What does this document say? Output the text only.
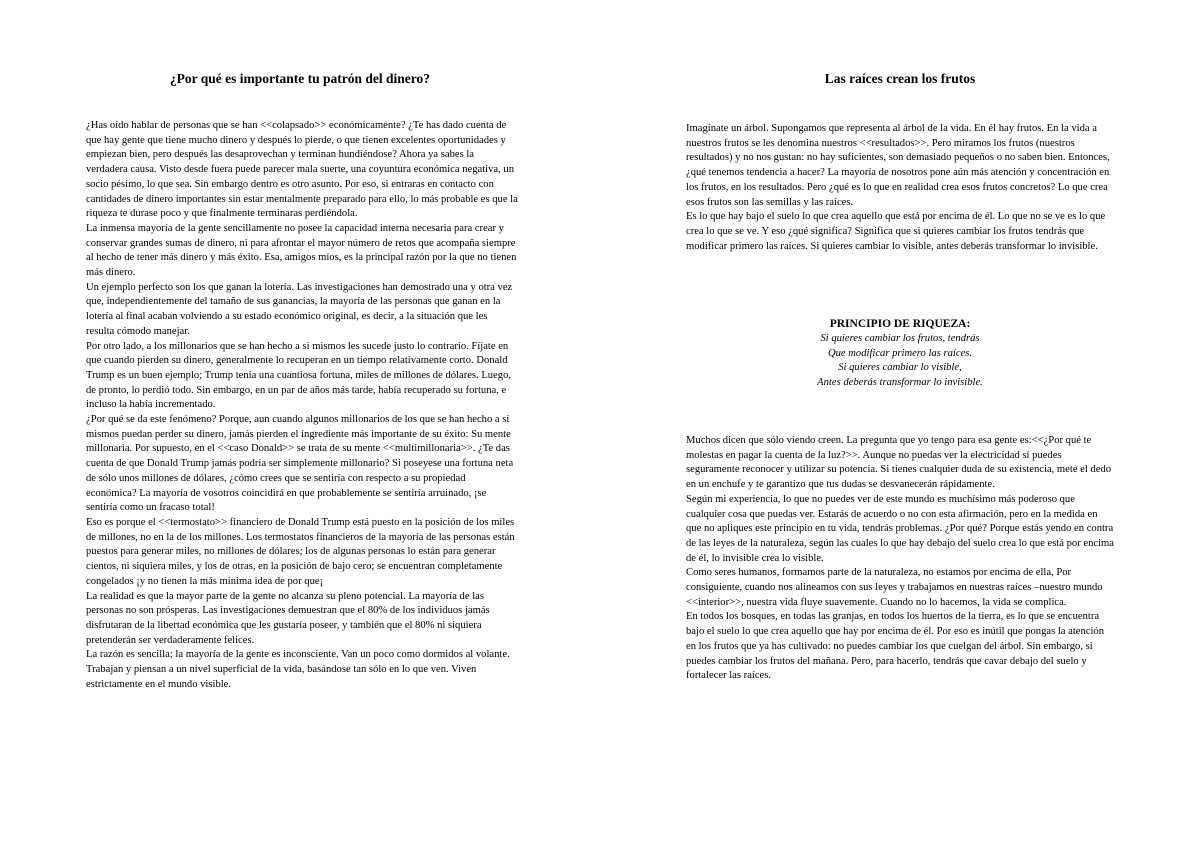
¿Por qué es importante tu patrón del dinero?

¿Has oído hablar de personas que se han <<colapsado>> económicamente? ¿Te has dado cuenta de que hay gente que tiene mucho dinero y después lo pierde, o que tienen excelentes oportunidades y empiezan bien, pero después las desaprovechan y terminan hundiéndose? Ahora ya sabes la verdadera causa. Visto desde fuera puede parecer mala suerte, una coyuntura económica negativa, un socio pésimo, lo que sea. Sin embargo dentro es otro asunto. Por eso, si entraras en contacto con cantidades de dinero importantes sin estar mentalmente preparado para ello, lo más probable es que la riqueza te durase poco y que finalmente terminaras perdiéndola.

La inmensa mayoría de la gente sencillamente no posee la capacidad interna necesaria para crear y conservar grandes sumas de dinero, ni para afrontar el mayor número de retos que acompaña siempre al hecho de tener más dinero y más éxito. Esa, amigos míos, es la principal razón por la que no tienen más dinero.

Un ejemplo perfecto son los que ganan la lotería. Las investigaciones han demostrado una y otra vez que, independientemente del tamaño de sus ganancias, la mayoría de las personas que ganan en la lotería al final acaban volviendo a su estado económico original, es decir, a la situación que les resulta cómodo manejar.

Por otro lado, a los millonarios que se han hecho a sí mismos les sucede justo lo contrario. Fíjate en que cuando pierden su dinero, generalmente lo recuperan en un tiempo relativamente corto. Donald Trump es un buen ejemplo; Trump tenía una cuantiosa fortuna, miles de millones de dólares. Luego, de pronto, lo perdió todo. Sin embargo, en un par de años más tarde, había recuperado su fortuna, e incluso la había incrementado.

¿Por qué se da este fenómeno? Porque, aun cuando algunos millonarios de los que se han hecho a sí mismos puedan perder su dinero, jamás pierden el ingrediente más importante de su éxito: Su mente millonaria. Por supuesto, en el <<caso Donald>> se trata de su mente <<multimillonaria>>. ¿Te das cuenta de que Donald Trump jamás podría ser simplemente millonario? Si poseyese una fortuna neta de sólo unos millones de dólares, ¿cómo crees que se sentiría con respecto a su propiedad económica? La mayoría de vosotros coincidirá en que probablemente se sentiría arruinado, ¡se sentiría como un fracaso total!

Eso es porque el <<termostato>> financiero de Donald Trump está puesto en la posición de los miles de millones, no en la de los millones. Los termostatos financieros de la mayoría de las personas están puestos para generar miles, no millones de dólares; los de algunas personas lo están para generar cientos, ni siquiera miles, y los de otras, en la posición de bajo cero; se encuentran completamente congelados ¡y no tienen la más mínima idea de por que¡

La realidad es que la mayor parte de la gente no alcanza su pleno potencial. La mayoría de las personas no son prósperas. Las investigaciones demuestran que el 80% de los individuos jamás disfrutaran de la libertad económica que les gustaría poseer, y también que el 80% ni siquiera pretenderán ser verdaderamente felices.

La razón es sencilla; la mayoría de la gente es inconsciente. Van un poco como dormidos al volante. Trabajan y piensan a un nivel superficial de la vida, basándose tan sólo en lo que ven. Viven estrictamente en el mundo visible.

Las raíces crean los frutos

Imagínate un árbol. Supongamos que representa al árbol de la vida. En él hay frutos. En la vida a nuestros frutos se les denomina nuestros <<resultados>>. Pero miramos los frutos (nuestros resultados) y no nos gustan: no hay suficientes, son demasiado pequeños o no saben bien. Entonces, ¿qué tenemos tendencia a hacer? La mayoría de nosotros pone aún más atención y concentración en los frutos, en los resultados. Pero ¿qué es lo que en realidad crea esos frutos concretos? Lo que crea esos frutos son las semillas y las raíces.

Es lo que hay bajo el suelo lo que crea aquello que está por encima de él. Lo que no se ve es lo que crea lo que se ve. Y eso ¿qué significa? Significa que si quieres cambiar los frutos tendrás que modificar primero las raíces. Si quieres cambiar lo visible, antes deberás transformar lo invisible.

PRINCIPIO DE RIQUEZA:
Si quieres cambiar los frutos, tendrás
Que modificar primero las raíces.
Si quieres cambiar lo visible,
Antes deberás transformar lo invisible.

Muchos dicen que sólo viendo creen. La pregunta que yo tengo para esa gente es:<<¿Por qué te molestas en pagar la cuenta de la luz?>>. Aunque no puedas ver la electricidad sí puedes seguramente reconocer y utilizar su potencia. Si tienes cualquier duda de su existencia, mete el dedo en un enchufe y te garantizo que tus dudas se desvanecerán rápidamente.

Según mi experiencia, lo que no puedes ver de este mundo es muchísimo más poderoso que cualquier cosa que puedas ver. Estarás de acuerdo o no con esta afirmación, pero en la medida en que no apliques este principio en tu vida, tendrás problemas. ¿Por qué? Porque estás yendo en contra de las leyes de la naturaleza, según las cuales lo que hay debajo del suelo crea lo que está por encima de él, lo invisible crea lo visible.

Como seres humanos, formamos parte de la naturaleza, no estamos por encima de ella, Por consiguiente, cuando nos alineamos con sus leyes y trabajamos en nuestras raíces –nuestro mundo <<interior>>, nuestra vida fluye suavemente. Cuando no lo hacemos, la vida se complica.

En todos los bosques, en todas las granjas, en todos los huertos de la tierra, es lo que se encuentra bajo el suelo lo que crea aquello que hay por encima de él. Por eso es inútil que pongas la atención en los frutos que ya has cultivado: no puedes cambiar los que cuelgan del árbol. Sin embargo, si puedes cambiar los frutos del mañana. Pero, para hacerlo, tendrás que cavar debajo del suelo y fortalecer las raíces.
